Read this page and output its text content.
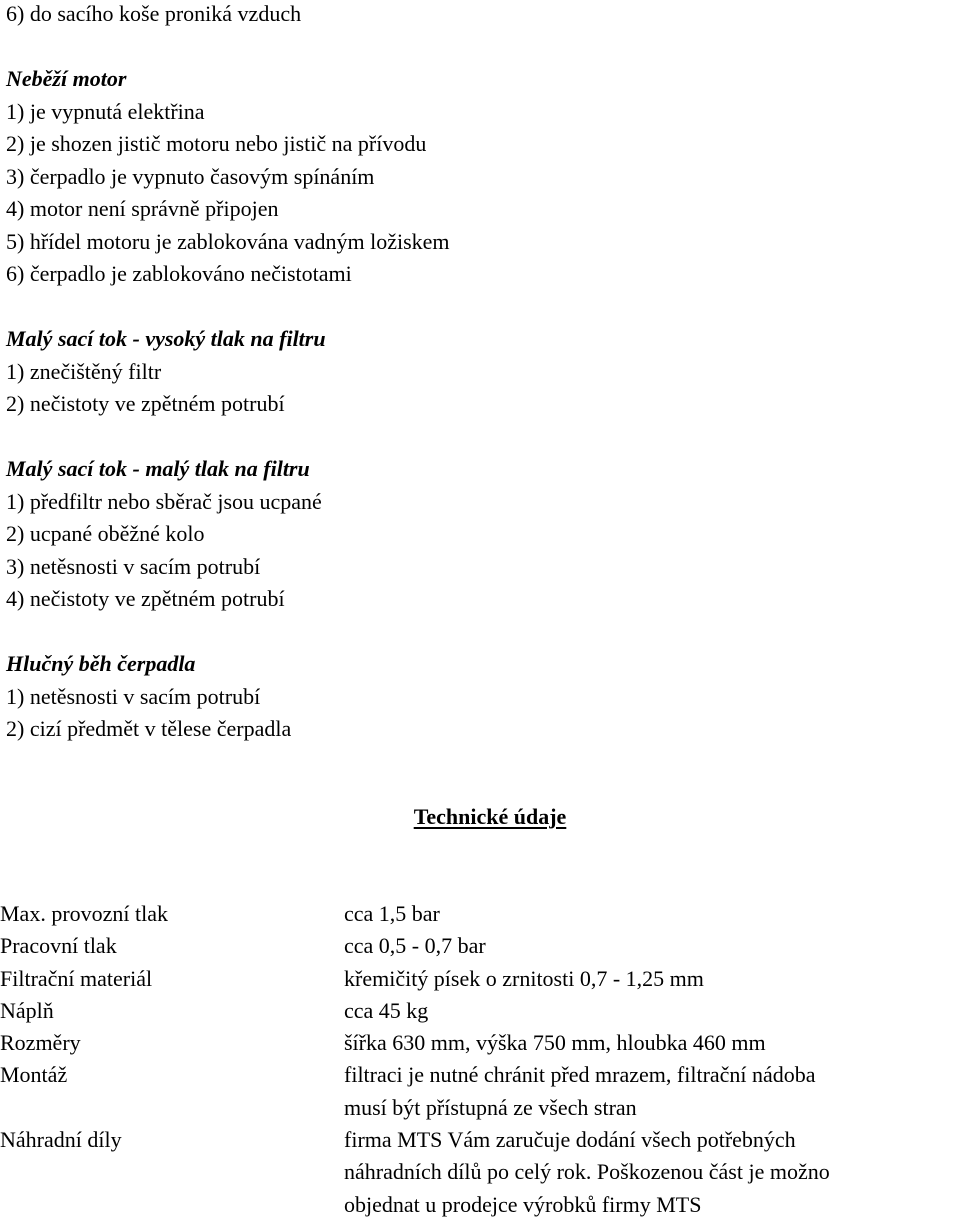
6) do sacího koše proniká vzduch

Neběží motor

1) je vypnutá elektřina

2) je shozen jistič motoru nebo jistič na přívodu

3) čerpadlo je vypnuto časovým spínáním

4) motor není správně připojen

5) hřídel motoru je zablokována vadným ložiskem

6) čerpadlo je zablokováno nečistotami

Malý sací tok - vysoký tlak na filtru

1) znečištěný filtr

2) nečistoty ve zpětném potrubí

Malý sací tok - malý tlak na filtru

1) předfiltr nebo sběrač jsou ucpané

2) ucpané oběžné kolo

3) netěsnosti v sacím potrubí

4) nečistoty ve zpětném potrubí

Hlučný běh čerpadla

1) netěsnosti v sacím potrubí

2) cizí předmět v tělese čerpadla

Technické údaje
Max. provozní tlak	cca 1,5 bar
Pracovní tlak	cca 0,5 - 0,7 bar
Filtrační materiál	křemičitý písek o zrnitosti 0,7 - 1,25 mm
Náplň	cca 45 kg
Rozměry	šířka 630 mm, výška 750 mm, hloubka 460 mm
Montáž	filtraci je nutné chránit před mrazem, filtrační nádoba
musí být přístupná ze všech stran
Náhradní díly	firma MTS Vám zaručuje dodání všech potřebných
náhradních dílů po celý rok. Poškozenou část je možno
objednat u prodejce výrobků firmy MTS
